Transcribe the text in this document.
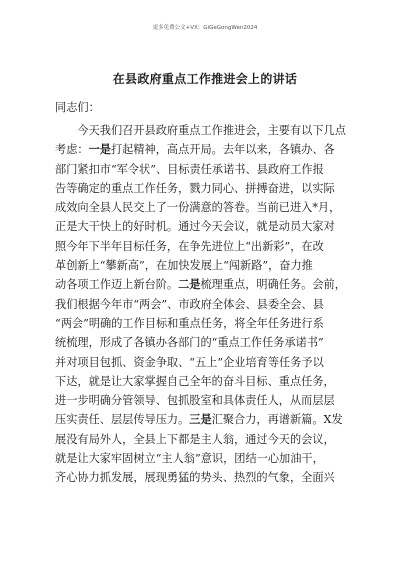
更多免费公文+VX：GiGeGongWen2024
在县政府重点工作推进会上的讲话
同志们：
　　今天我们召开县政府重点工作推进会，主要有以下几点
考虑：一是打起精神，高点开局。去年以来，各镇办、各
部门紧扣市“军令状”、目标责任承诺书、县政府工作报
告等确定的重点工作任务，戮力同心、拼搏奋进，以实际
成效向全县人民交上了一份满意的答卷。当前已进入*月，
正是大干快上的好时机。通过今天会议，就是动员大家对
照今年下半年目标任务，在争先进位上“出新彩”，在改
革创新上“攀新高”，在加快发展上“闯新路”，奋力推
动各项工作迈上新台阶。二是梳理重点，明确任务。会前，
我们根据今年市“两会”、市政府全体会、县委全会、县
“两会”明确的工作目标和重点任务，将全年任务进行系
统梳理，形成了各镇办各部门的“重点工作任务承诺书”
并对项目包抓、资金争取、“五上”企业培育等任务予以
下达，就是让大家掌握自己全年的奋斗目标、重点任务，
进一步明确分管领导、包抓股室和具体责任人，从而层层
压实责任、层层传导压力。三是汇聚合力，再谱新篇。X发
展没有局外人，全县上下都是主人翁，通过今天的会议，
就是让大家牢固树立“主人翁”意识，团结一心加油干，
齐心协力抓发展，展现勇猛的势头、热烈的气象，全面兴
